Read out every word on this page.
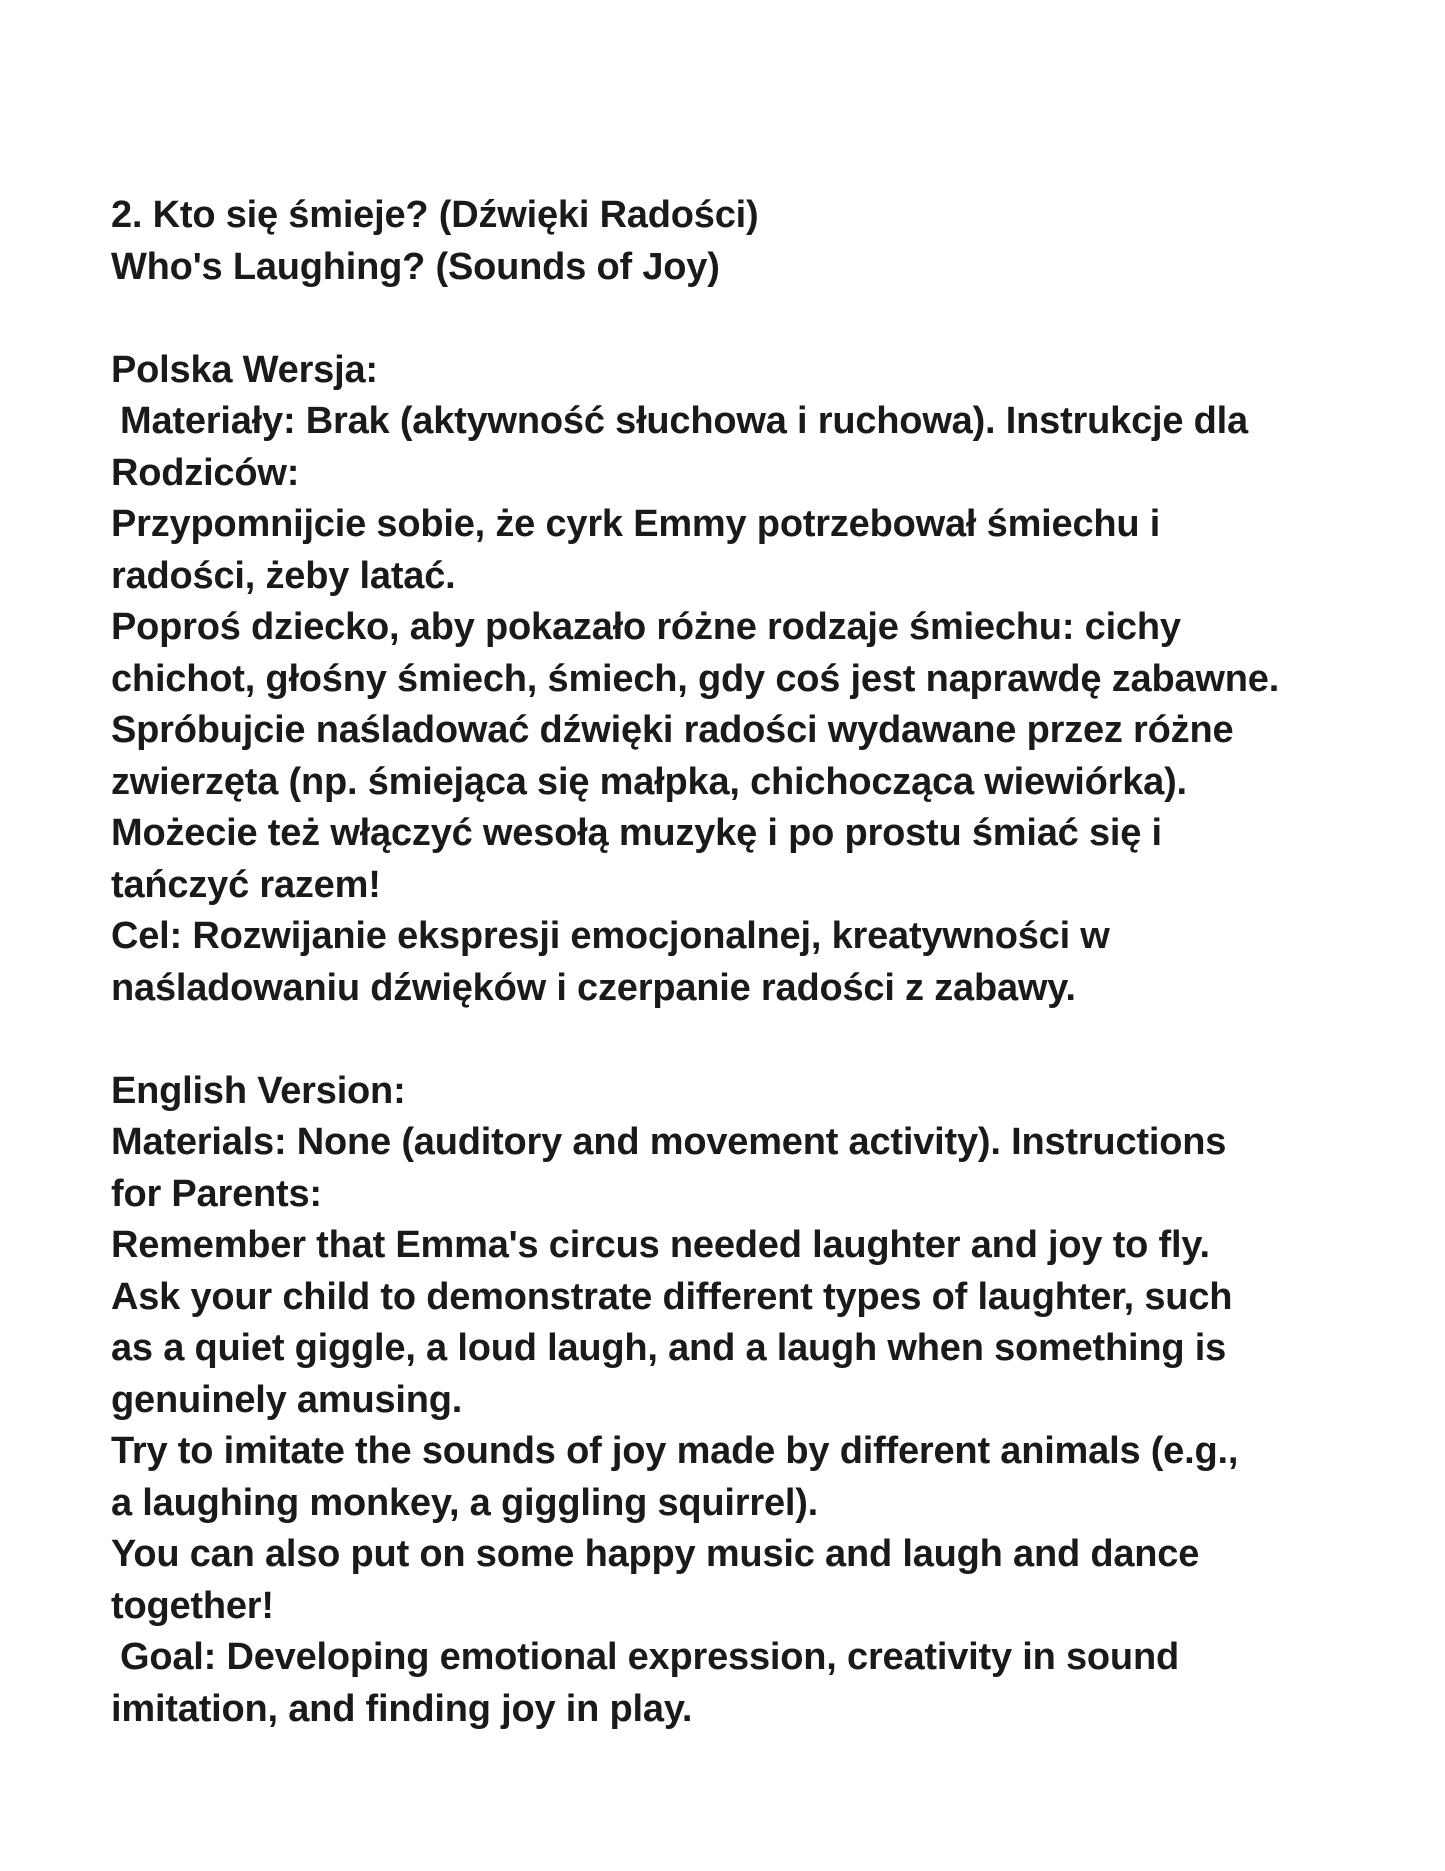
2. Kto się śmieje? (Dźwięki Radości)
Who's Laughing? (Sounds of Joy)
Polska Wersja:
Materiały: Brak (aktywność słuchowa i ruchowa). Instrukcje dla
Rodziców:
Przypomnijcie sobie, że cyrk Emmy potrzebował śmiechu i
radości, żeby latać.
Poproś dziecko, aby pokazało różne rodzaje śmiechu: cichy
chichot, głośny śmiech, śmiech, gdy coś jest naprawdę zabawne.
Spróbujcie naśladować dźwięki radości wydawane przez różne
zwierzęta (np. śmiejąca się małpka, chichocząca wiewiórka).
Możecie też włączyć wesołą muzykę i po prostu śmiać się i
tańczyć razem!
Cel: Rozwijanie ekspresji emocjonalnej, kreatywności w
naśladowaniu dźwięków i czerpanie radości z zabawy.
English Version:
Materials: None (auditory and movement activity). Instructions
for Parents:
Remember that Emma's circus needed laughter and joy to fly.
Ask your child to demonstrate different types of laughter, such
as a quiet giggle, a loud laugh, and a laugh when something is
genuinely amusing.
Try to imitate the sounds of joy made by different animals (e.g.,
a laughing monkey, a giggling squirrel).
You can also put on some happy music and laugh and dance
together!
Goal: Developing emotional expression, creativity in sound
imitation, and finding joy in play.
